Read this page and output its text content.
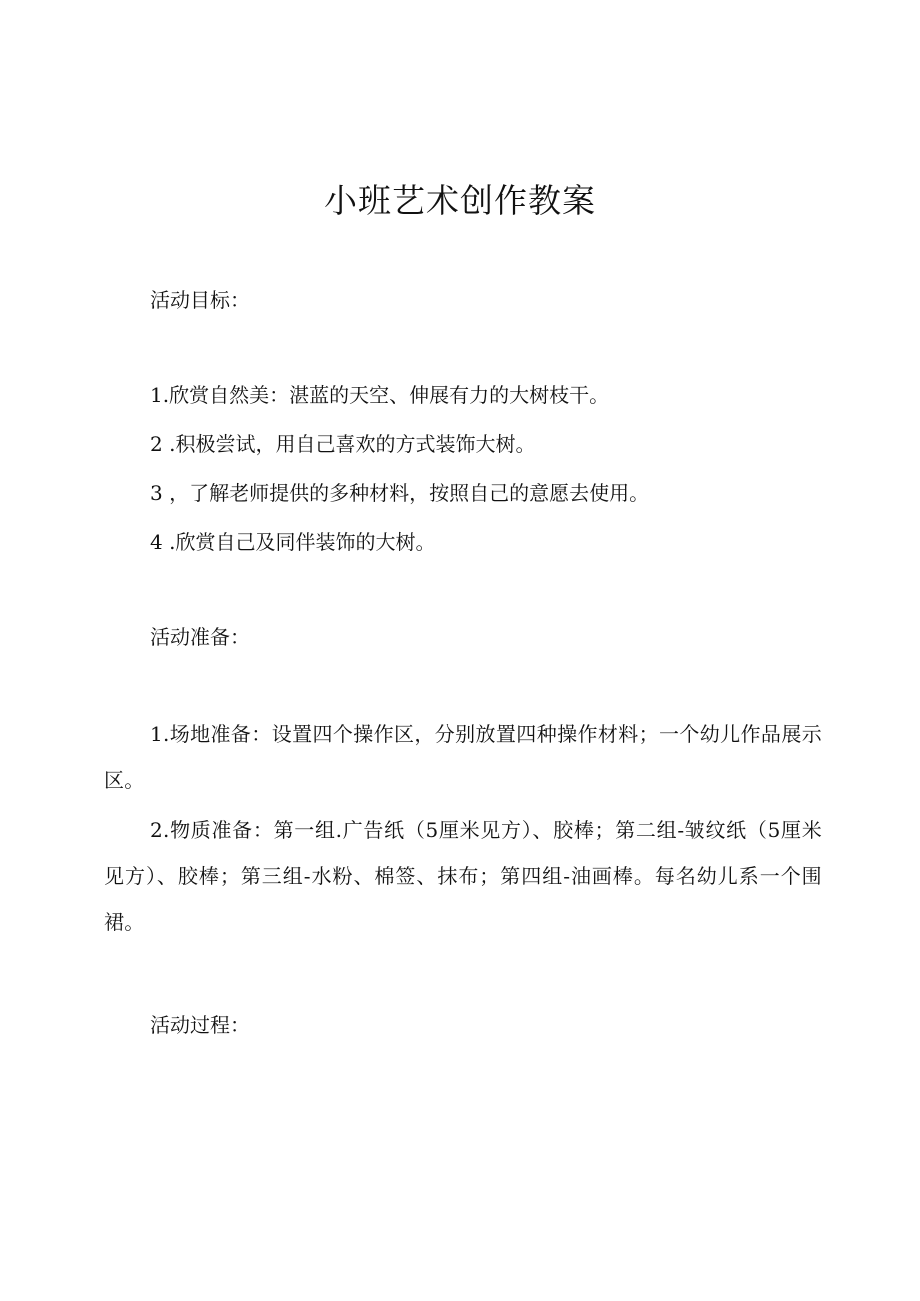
小班艺术创作教案

活动目标：

1.欣赏自然美：湛蓝的天空、伸展有力的大树枝干。

2 .积极尝试，用自己喜欢的方式装饰大树。

3 ，了解老师提供的多种材料，按照自己的意愿去使用。

4 .欣赏自己及同伴装饰的大树。

活动准备：

1.场地准备：设置四个操作区，分别放置四种操作材料；一个幼儿作品展示区。

2.物质准备：第一组.广告纸（5厘米见方）、胶棒；第二组-皱纹纸（5厘米见方）、胶棒；第三组-水粉、棉签、抹布；第四组-油画棒。每名幼儿系一个围裙。

活动过程：
